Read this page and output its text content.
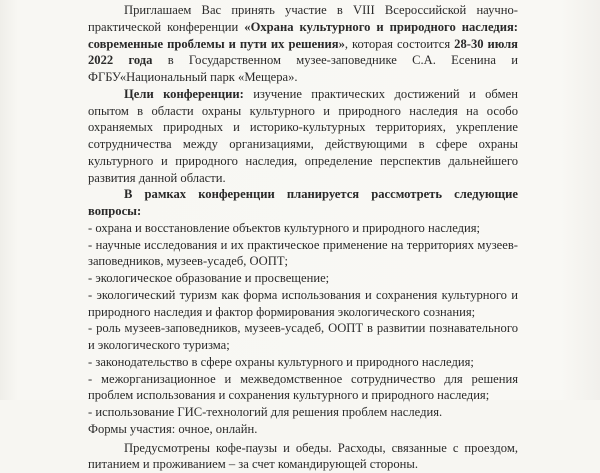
Приглашаем Вас принять участие в VIII Всероссийской научно-практической конференции «Охрана культурного и природного наследия: современные проблемы и пути их решения», которая состоится 28-30 июля 2022 года в Государственном музее-заповеднике С.А. Есенина и ФГБУ«Национальный парк «Мещера».

Цели конференции: изучение практических достижений и обмен опытом в области охраны культурного и природного наследия на особо охраняемых природных и историко-культурных территориях, укрепление сотрудничества между организациями, действующими в сфере охраны культурного и природного наследия, определение перспектив дальнейшего развития данной области.

В рамках конференции планируется рассмотреть следующие вопросы:

- охрана и восстановление объектов культурного и природного наследия;

- научные исследования и их практическое применение на территориях музеев-заповедников, музеев-усадеб, ООПТ;

- экологическое образование и просвещение;

- экологический туризм как форма использования и сохранения культурного и природного наследия и фактор формирования экологического сознания;

- роль музеев-заповедников, музеев-усадеб, ООПТ в развитии познавательного и экологического туризма;

- законодательство в сфере охраны культурного и природного наследия;

- межорганизационное и межведомственное сотрудничество для решения проблем использования и сохранения культурного и природного наследия;

- использование ГИС-технологий для решения проблем наследия.

Формы участия: очное, онлайн.

Предусмотрены кофе-паузы и обеды. Расходы, связанные с проездом, питанием и проживанием – за счет командирующей стороны.
